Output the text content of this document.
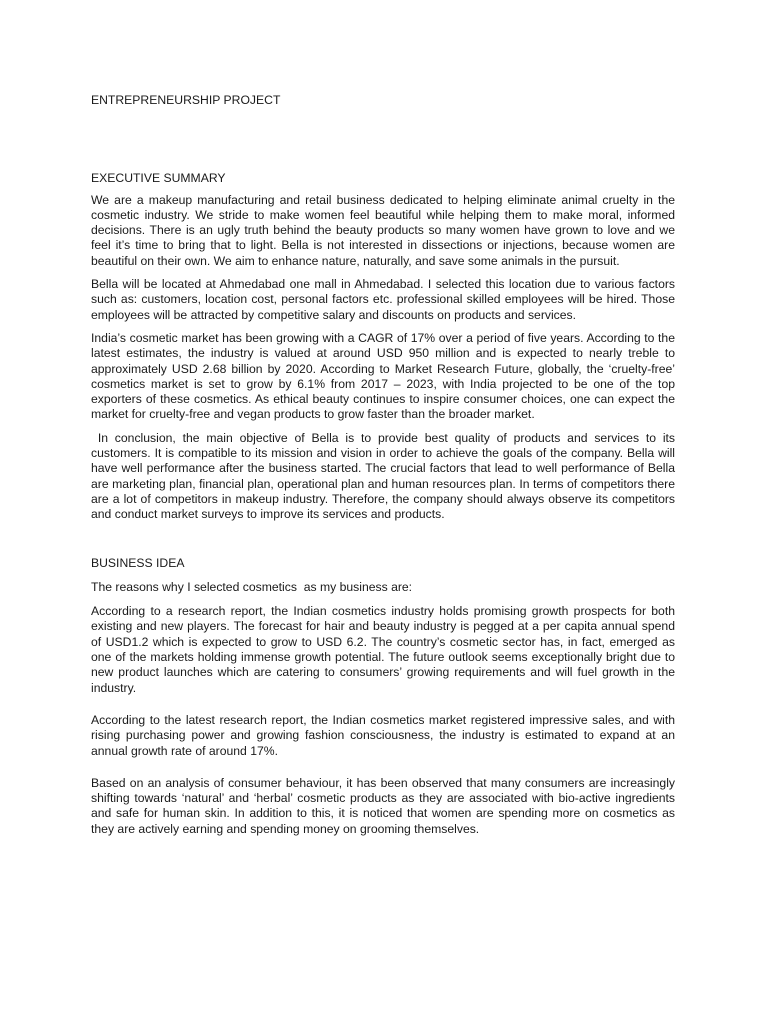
ENTREPRENEURSHIP PROJECT
EXECUTIVE SUMMARY

We are a makeup manufacturing and retail business dedicated to helping eliminate animal cruelty in the cosmetic industry. We stride to make women feel beautiful while helping them to make moral, informed decisions. There is an ugly truth behind the beauty products so many women have grown to love and we feel it’s time to bring that to light. Bella is not interested in dissections or injections, because women are beautiful on their own. We aim to enhance nature, naturally, and save some animals in the pursuit.

Bella will be located at Ahmedabad one mall in Ahmedabad. I selected this location due to various factors such as: customers, location cost, personal factors etc. professional skilled employees will be hired. Those employees will be attracted by competitive salary and discounts on products and services.

India’s cosmetic market has been growing with a CAGR of 17% over a period of five years. According to the latest estimates, the industry is valued at around USD 950 million and is expected to nearly treble to approximately USD 2.68 billion by 2020. According to Market Research Future, globally, the ‘cruelty-free’ cosmetics market is set to grow by 6.1% from 2017 – 2023, with India projected to be one of the top exporters of these cosmetics. As ethical beauty continues to inspire consumer choices, one can expect the market for cruelty-free and vegan products to grow faster than the broader market.

In conclusion, the main objective of Bella is to provide best quality of products and services to its customers. It is compatible to its mission and vision in order to achieve the goals of the company. Bella will have well performance after the business started. The crucial factors that lead to well performance of Bella are marketing plan, financial plan, operational plan and human resources plan. In terms of competitors there are a lot of competitors in makeup industry. Therefore, the company should always observe its competitors and conduct market surveys to improve its services and products.

BUSINESS IDEA

The reasons why I selected cosmetics  as my business are:

According to a research report, the Indian cosmetics industry holds promising growth prospects for both existing and new players. The forecast for hair and beauty industry is pegged at a per capita annual spend of USD1.2 which is expected to grow to USD 6.2. The country’s cosmetic sector has, in fact, emerged as one of the markets holding immense growth potential. The future outlook seems exceptionally bright due to new product launches which are catering to consumers’ growing requirements and will fuel growth in the industry.

According to the latest research report, the Indian cosmetics market registered impressive sales, and with rising purchasing power and growing fashion consciousness, the industry is estimated to expand at an annual growth rate of around 17%.

Based on an analysis of consumer behaviour, it has been observed that many consumers are increasingly shifting towards ‘natural’ and ‘herbal’ cosmetic products as they are associated with bio-active ingredients and safe for human skin. In addition to this, it is noticed that women are spending more on cosmetics as they are actively earning and spending money on grooming themselves.
